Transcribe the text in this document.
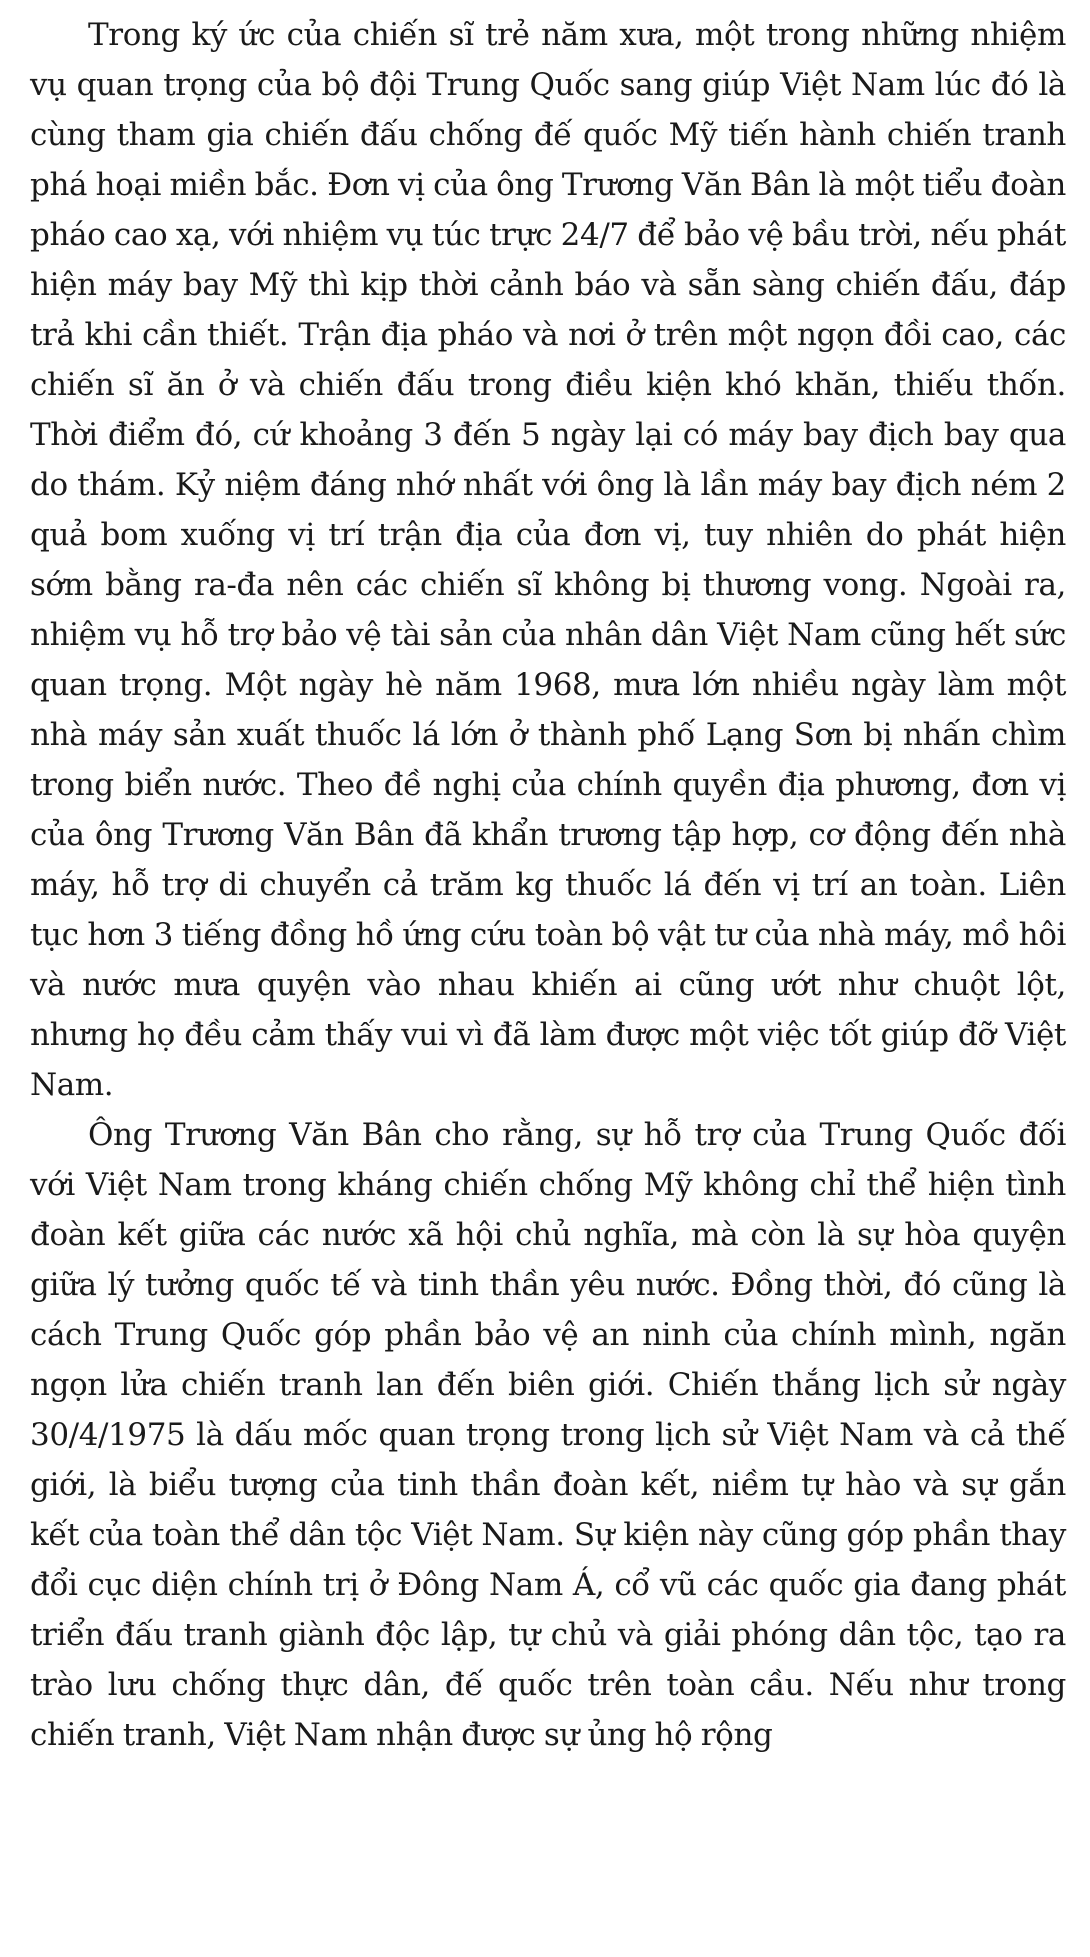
Trong ký ức của chiến sĩ trẻ năm xưa, một trong những nhiệm vụ quan trọng của bộ đội Trung Quốc sang giúp Việt Nam lúc đó là cùng tham gia chiến đấu chống đế quốc Mỹ tiến hành chiến tranh phá hoại miền bắc. Đơn vị của ông Trương Văn Bân là một tiểu đoàn pháo cao xạ, với nhiệm vụ túc trực 24/7 để bảo vệ bầu trời, nếu phát hiện máy bay Mỹ thì kịp thời cảnh báo và sẵn sàng chiến đấu, đáp trả khi cần thiết. Trận địa pháo và nơi ở trên một ngọn đồi cao, các chiến sĩ ăn ở và chiến đấu trong điều kiện khó khăn, thiếu thốn. Thời điểm đó, cứ khoảng 3 đến 5 ngày lại có máy bay địch bay qua do thám. Kỷ niệm đáng nhớ nhất với ông là lần máy bay địch ném 2 quả bom xuống vị trí trận địa của đơn vị, tuy nhiên do phát hiện sớm bằng ra-đa nên các chiến sĩ không bị thương vong. Ngoài ra, nhiệm vụ hỗ trợ bảo vệ tài sản của nhân dân Việt Nam cũng hết sức quan trọng. Một ngày hè năm 1968, mưa lớn nhiều ngày làm một nhà máy sản xuất thuốc lá lớn ở thành phố Lạng Sơn bị nhấn chìm trong biển nước. Theo đề nghị của chính quyền địa phương, đơn vị của ông Trương Văn Bân đã khẩn trương tập hợp, cơ động đến nhà máy, hỗ trợ di chuyển cả trăm kg thuốc lá đến vị trí an toàn. Liên tục hơn 3 tiếng đồng hồ ứng cứu toàn bộ vật tư của nhà máy, mồ hôi và nước mưa quyện vào nhau khiến ai cũng ướt như chuột lột, nhưng họ đều cảm thấy vui vì đã làm được một việc tốt giúp đỡ Việt Nam.

Ông Trương Văn Bân cho rằng, sự hỗ trợ của Trung Quốc đối với Việt Nam trong kháng chiến chống Mỹ không chỉ thể hiện tình đoàn kết giữa các nước xã hội chủ nghĩa, mà còn là sự hòa quyện giữa lý tưởng quốc tế và tinh thần yêu nước. Đồng thời, đó cũng là cách Trung Quốc góp phần bảo vệ an ninh của chính mình, ngăn ngọn lửa chiến tranh lan đến biên giới. Chiến thắng lịch sử ngày 30/4/1975 là dấu mốc quan trọng trong lịch sử Việt Nam và cả thế giới, là biểu tượng của tinh thần đoàn kết, niềm tự hào và sự gắn kết của toàn thể dân tộc Việt Nam. Sự kiện này cũng góp phần thay đổi cục diện chính trị ở Đông Nam Á, cổ vũ các quốc gia đang phát triển đấu tranh giành độc lập, tự chủ và giải phóng dân tộc, tạo ra trào lưu chống thực dân, đế quốc trên toàn cầu. Nếu như trong chiến tranh, Việt Nam nhận được sự ủng hộ rộng
